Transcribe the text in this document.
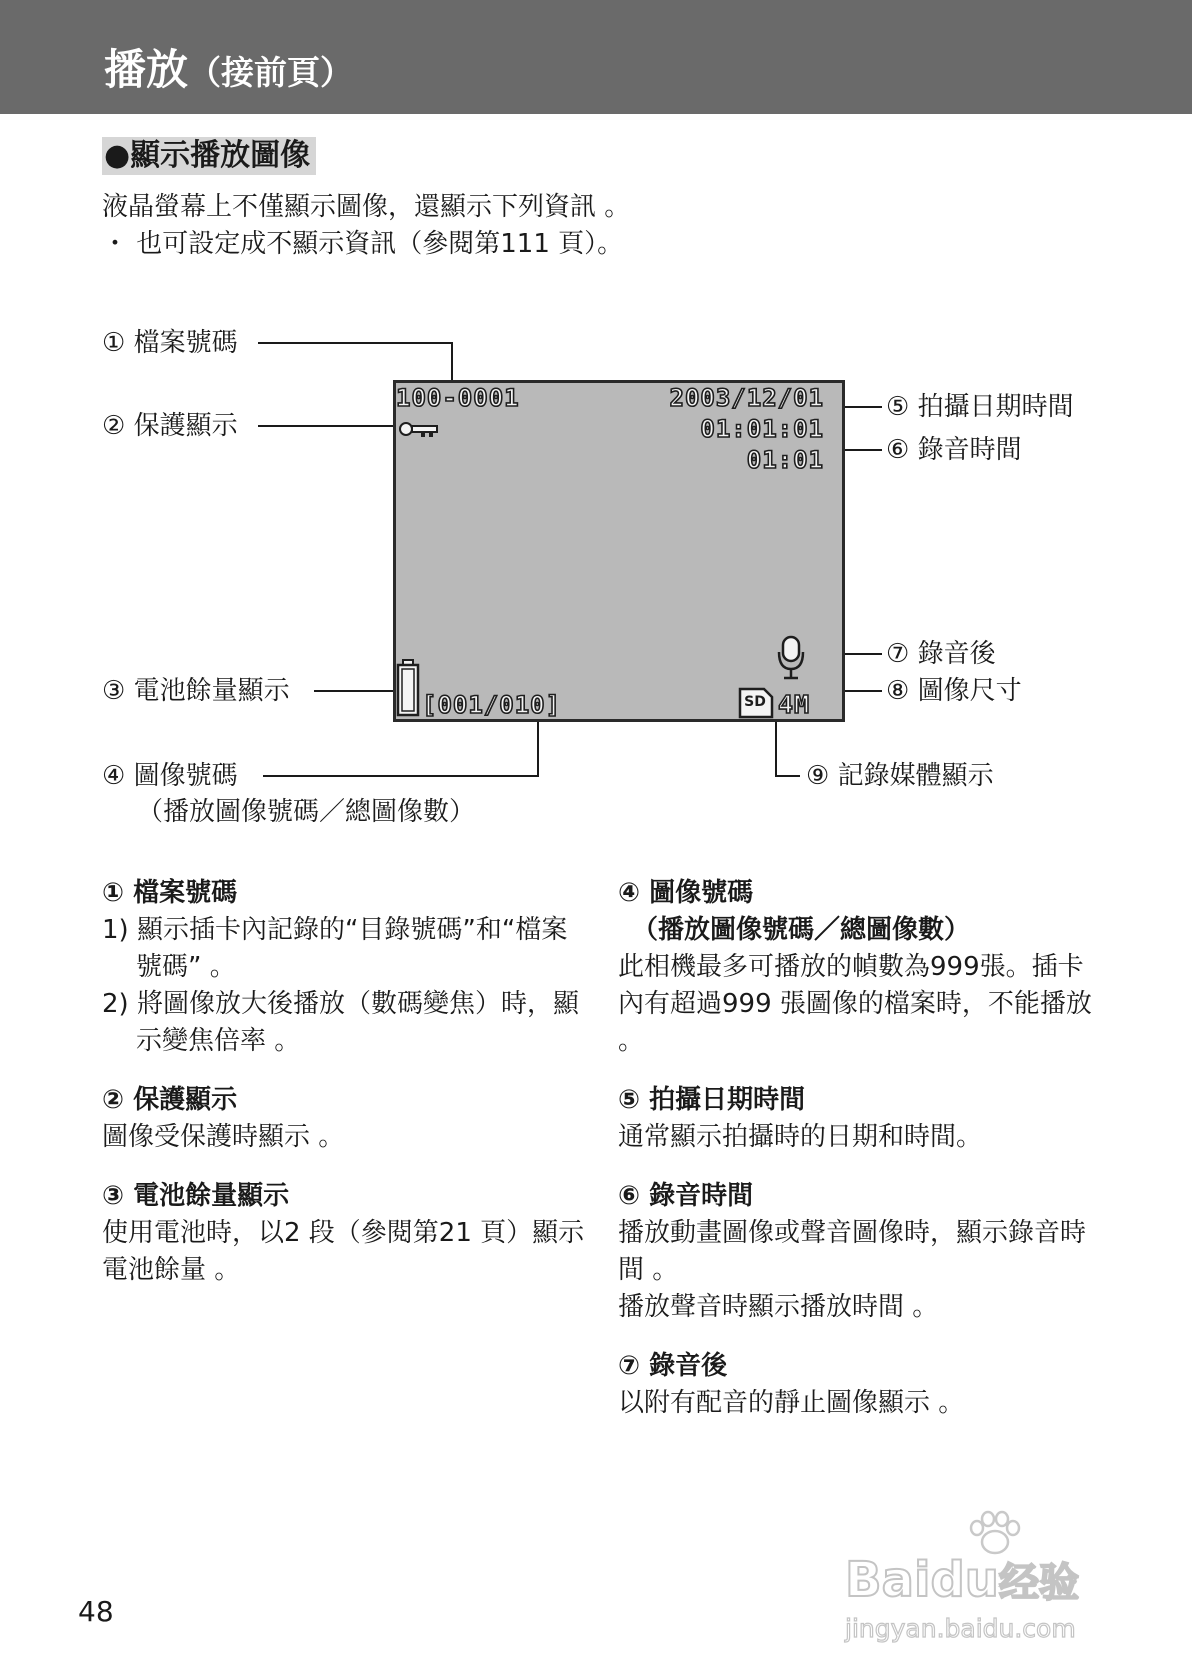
播放（接前頁）
●顯示播放圖像
液晶螢幕上不僅顯示圖像，還顯示下列資訊 。
・ 也可設定成不顯示資訊（參閱第111 頁）。
① 檔案號碼
② 保護顯示
③ 電池餘量顯示
④ 圖像號碼
（播放圖像號碼／總圖像數）
⑤ 拍攝日期時間
⑥ 錄音時間
⑦ 錄音後
⑧ 圖像尺寸
⑨ 記錄媒體顯示
100-0001	2003/12/01
01:01:01
01:01
[001/010]	SD 4M
① 檔案號碼
1) 顯示插卡內記錄的“目錄號碼”和“檔案號碼” 。
2) 將圖像放大後播放（數碼變焦）時，顯示變焦倍率 。
② 保護顯示
圖像受保護時顯示 。
③ 電池餘量顯示
使用電池時，以2 段（參閱第21 頁）顯示電池餘量 。
④ 圖像號碼
（播放圖像號碼／總圖像數）
此相機最多可播放的幀數為999張。插卡內有超過999 張圖像的檔案時，不能播放 。
⑤ 拍攝日期時間
通常顯示拍攝時的日期和時間。
⑥ 錄音時間
播放動畫圖像或聲音圖像時，顯示錄音時間 。
播放聲音時顯示播放時間 。
⑦ 錄音後
以附有配音的靜止圖像顯示 。
48
Baidu经验
jingyan.baidu.com
